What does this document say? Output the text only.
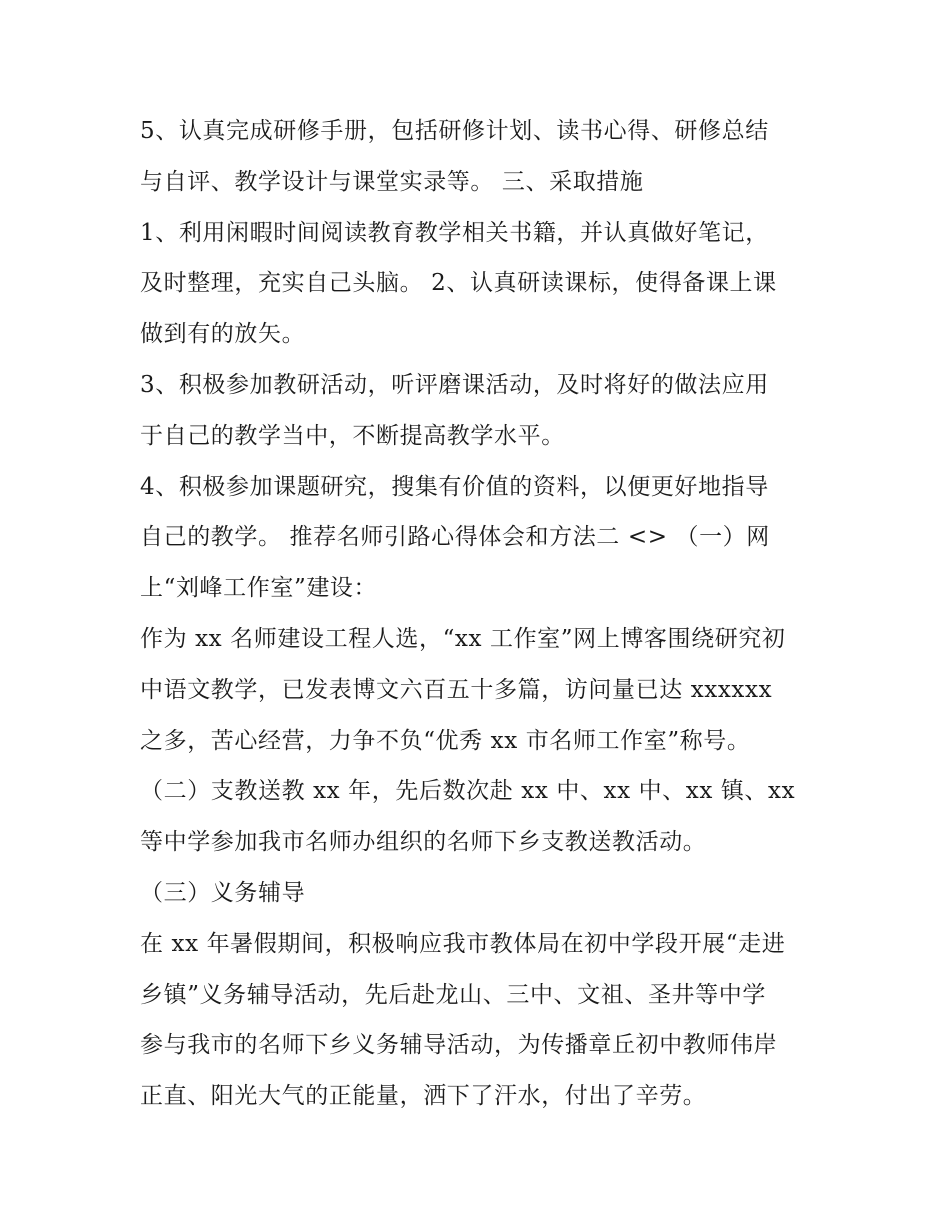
5、认真完成研修手册，包括研修计划、读书心得、研修总结
与自评、教学设计与课堂实录等。 三、采取措施
1、利用闲暇时间阅读教育教学相关书籍，并认真做好笔记，
及时整理，充实自己头脑。 2、认真研读课标，使得备课上课
做到有的放矢。
3、积极参加教研活动，听评磨课活动，及时将好的做法应用
于自己的教学当中，不断提高教学水平。
4、积极参加课题研究，搜集有价值的资料，以便更好地指导
自己的教学。 推荐名师引路心得体会和方法二 <> （一）网
上“刘峰工作室”建设：
作为 xx 名师建设工程人选，“xx 工作室”网上博客围绕研究初
中语文教学，已发表博文六百五十多篇，访问量已达 xxxxxx
之多，苦心经营，力争不负“优秀 xx 市名师工作室”称号。
（二）支教送教 xx 年，先后数次赴 xx 中、xx 中、xx 镇、xx
等中学参加我市名师办组织的名师下乡支教送教活动。
（三）义务辅导
在 xx 年暑假期间，积极响应我市教体局在初中学段开展“走进
乡镇”义务辅导活动，先后赴龙山、三中、文祖、圣井等中学
参与我市的名师下乡义务辅导活动，为传播章丘初中教师伟岸
正直、阳光大气的正能量，洒下了汗水，付出了辛劳。
